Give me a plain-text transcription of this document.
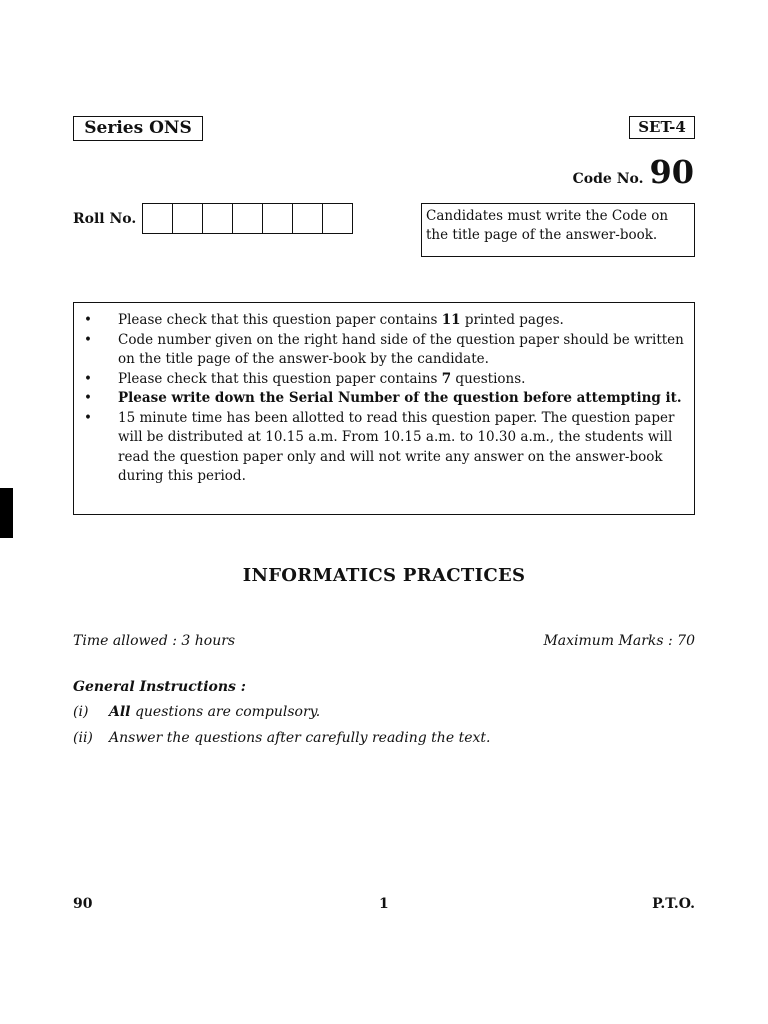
Series ONS	SET-4
Code No. 90
Roll No.	Candidates must write the Code on the title page of the answer-book.
•	Please check that this question paper contains 11 printed pages.
•	Code number given on the right hand side of the question paper should be written on the title page of the answer-book by the candidate.
•	Please check that this question paper contains 7 questions.
•	Please write down the Serial Number of the question before attempting it.
•	15 minute time has been allotted to read this question paper. The question paper will be distributed at 10.15 a.m. From 10.15 a.m. to 10.30 a.m., the students will read the question paper only and will not write any answer on the answer-book during this period.
INFORMATICS PRACTICES
Time allowed : 3 hours	Maximum Marks : 70
General Instructions :
(i)	All questions are compulsory.
(ii)	Answer the questions after carefully reading the text.
90	1	P.T.O.
